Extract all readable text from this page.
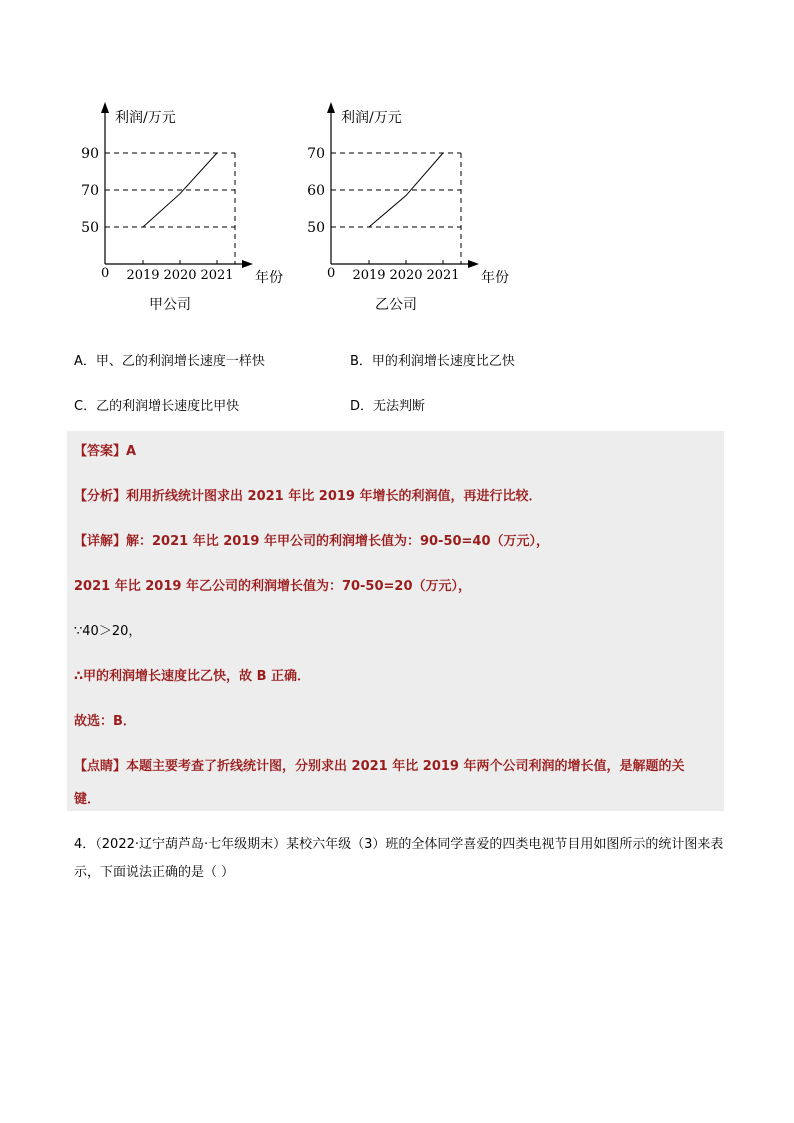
利润/万元
年份
0
50
70
90
2019 2020 2021
甲公司
利润/万元
年份
0
50
60
70
2019 2020 2021
乙公司
A．甲、乙的利润增长速度一样快	B．甲的利润增长速度比乙快
C．乙的利润增长速度比甲快	D．无法判断
【答案】A
【分析】利用折线统计图求出 2021 年比 2019 年增长的利润值，再进行比较．
【详解】解：2021 年比 2019 年甲公司的利润增长值为：90-50=40（万元），
2021 年比 2019 年乙公司的利润增长值为：70-50=20（万元），
∵40＞20，
∴甲的利润增长速度比乙快，故 B 正确．
故选：B．
【点睛】本题主要考查了折线统计图，分别求出 2021 年比 2019 年两个公司利润的增长值，是解题的关
键．
4．（2022·辽宁葫芦岛·七年级期末）某校六年级（3）班的全体同学喜爱的四类电视节目用如图所示的统计图来表示，下面说法正确的是（ ）
